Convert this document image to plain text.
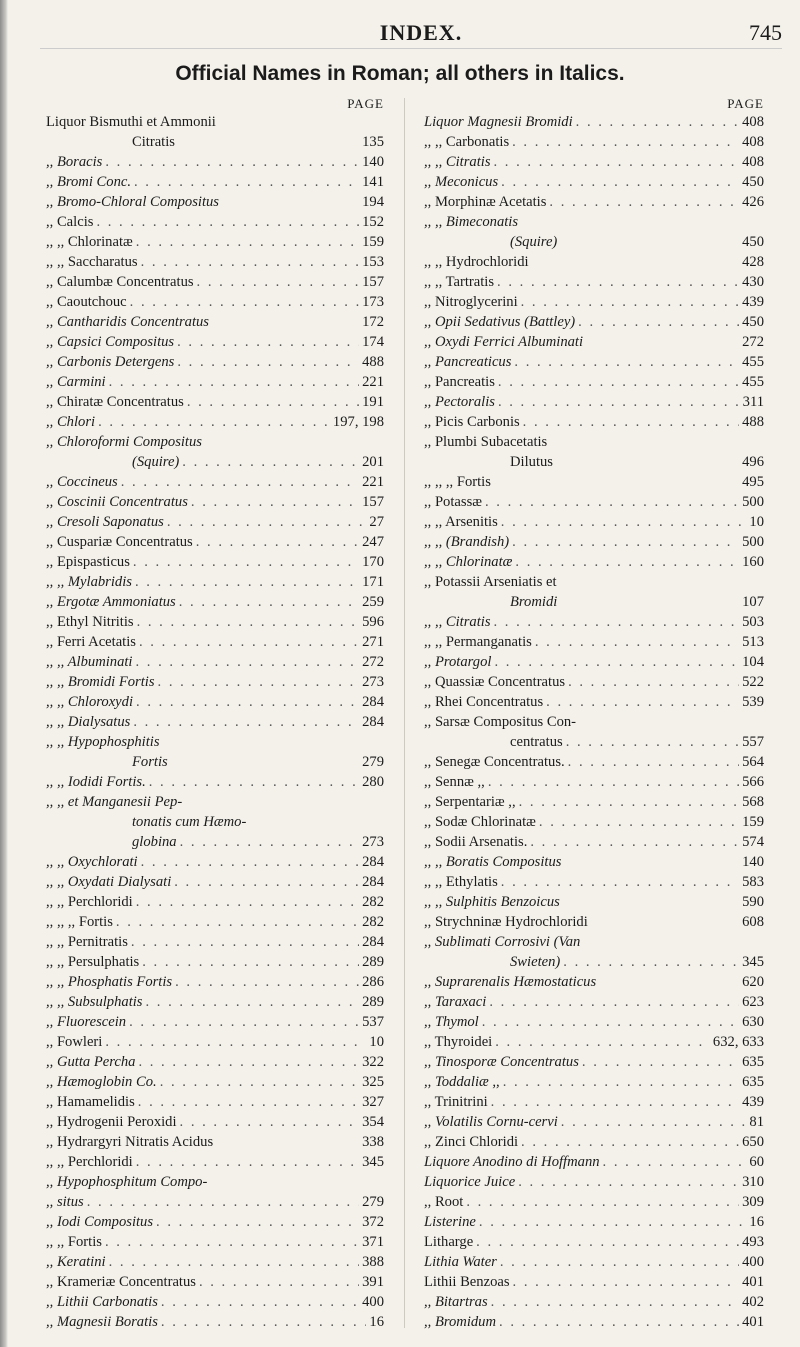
INDEX.	745
Official Names in Roman; all others in Italics.
PAGE
Liquor Bismuthi et Ammonii
Citratis	135
,, Boracis . . .	140
,, Bromi Conc. . . .	141
,, Bromo-Chloral Compositus	194
,, Calcis . . .	152
,, ,, Chlorinatæ . . .	159
,, ,, Saccharatus . . .	153
,, Calumbæ Concentratus . . .	157
,, Caoutchouc . . .	173
,, Cantharidis Concentratus	172
,, Capsici Compositus . . .	174
,, Carbonis Detergens . . .	488
,, Carmini . . .	221
,, Chiratæ Concentratus . . .	191
,, Chlori . . .	197, 198
,, Chloroformi Compositus
(Squire) . . .	201
,, Coccineus . . .	221
,, Coscinii Concentratus . . .	157
,, Cresoli Saponatus . . .	27
,, Cuspariæ Concentratus . . .	247
,, Epispasticus . . .	170
,, ,, Mylabridis . . .	171
,, Ergotæ Ammoniatus . . .	259
,, Ethyl Nitritis . . .	596
,, Ferri Acetatis . . .	271
,, ,, Albuminati . . .	272
,, ,, Bromidi Fortis . . .	273
,, ,, Chloroxydi . . .	284
,, ,, Dialysatus . . .	284
,, ,, Hypophosphitis
Fortis	279
,, ,, Iodidi Fortis. . . .	280
,, ,, et Manganesii Pep-
tonatis cum Hæmo-
globina . . .	273
,, ,, Oxychlorati . . .	284
,, ,, Oxydati Dialysati . . .	284
,, ,, Perchloridi . . .	282
,, ,, ,, Fortis . . .	282
,, ,, Pernitratis . . .	284
,, ,, Persulphatis . . .	289
,, ,, Phosphatis Fortis . . .	286
,, ,, Subsulphatis . . .	289
,, Fluorescein . . .	537
,, Fowleri . . .	10
,, Gutta Percha . . .	322
,, Hæmoglobin Co. . . .	325
,, Hamamelidis . . .	327
,, Hydrogenii Peroxidi . . .	354
,, Hydrargyri Nitratis Acidus	338
,, ,, Perchloridi . . .	345
,, Hypophosphitum Compo-
,, situs . . .	279
,, Iodi Compositus . . .	372
,, ,, Fortis . . .	371
,, Keratini . . .	388
,, Krameriæ Concentratus . . .	391
,, Lithii Carbonatis . . .	400
,, Magnesii Boratis . . .	16
PAGE
Liquor Magnesii Bromidi . . .	408
,, ,, Carbonatis . . .	408
,, ,, Citratis . . .	408
,, Meconicus . . .	450
,, Morphinæ Acetatis . . .	426
,, ,, Bimeconatis
(Squire)	450
,, ,, Hydrochloridi	428
,, ,, Tartratis . . .	430
,, Nitroglycerini . . .	439
,, Opii Sedativus (Battley) . . .	450
,, Oxydi Ferrici Albuminati	272
,, Pancreaticus . . .	455
,, Pancreatis . . .	455
,, Pectoralis . . .	311
,, Picis Carbonis . . .	488
,, Plumbi Subacetatis
Dilutus	496
,, ,, ,, Fortis	495
,, Potassæ . . .	500
,, ,, Arsenitis . . .	10
,, ,, (Brandish) . . .	500
,, ,, Chlorinatæ . . .	160
,, Potassii Arseniatis et
Bromidi	107
,, ,, Citratis . . .	503
,, ,, Permanganatis . . .	513
,, Protargol . . .	104
,, Quassiæ Concentratus . . .	522
,, Rhei Concentratus . . .	539
,, Sarsæ Compositus Con-
centratus . . .	557
,, Senegæ Concentratus. . . .	564
,, Sennæ ,, . . .	566
,, Serpentariæ ,, . . .	568
,, Sodæ Chlorinatæ . . .	159
,, Sodii Arsenatis. . . .	574
,, ,, Boratis Compositus	140
,, ,, Ethylatis . . .	583
,, ,, Sulphitis Benzoicus	590
,, Strychninæ Hydrochloridi	608
,, Sublimati Corrosivi (Van
Swieten) . . .	345
,, Suprarenalis Hæmostaticus	620
,, Taraxaci . . .	623
,, Thymol . . .	630
,, Thyroidei . . .	632, 633
,, Tinosporæ Concentratus . . .	635
,, Toddaliæ ,, . . .	635
,, Trinitrini . . .	439
,, Volatilis Cornu-cervi . . .	81
,, Zinci Chloridi . . .	650
Liquore Anodino di Hoffmann . . .	60
Liquorice Juice . . .	310
,, Root . . .	309
Listerine . . .	16
Litharge . . .	493
Lithia Water . . .	400
Lithii Benzoas . . .	401
,, Bitartras . . .	402
,, Bromidum . . .	401
